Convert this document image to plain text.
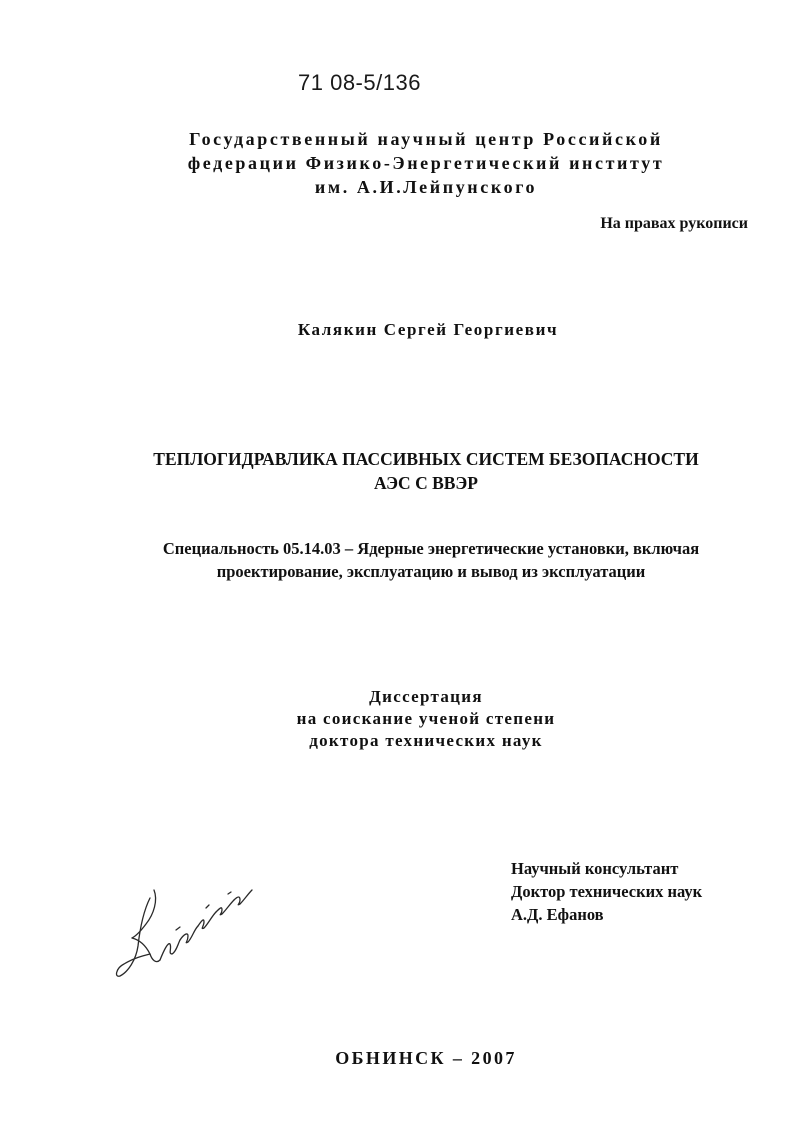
71 08-5/136
Государственный научный центр Российской
федерации Физико-Энергетический институт
им. А.И.Лейпунского
На правах рукописи
Калякин Сергей Георгиевич
ТЕПЛОГИДРАВЛИКА ПАССИВНЫХ СИСТЕМ БЕЗОПАСНОСТИ
АЭС С ВВЭР
Специальность 05.14.03 – Ядерные энергетические установки, включая
проектирование, эксплуатацию и вывод из эксплуатации
Диссертация
на соискание ученой степени
доктора технических наук
Научный консультант
Доктор технических наук
А.Д. Ефанов
ОБНИНСК – 2007
